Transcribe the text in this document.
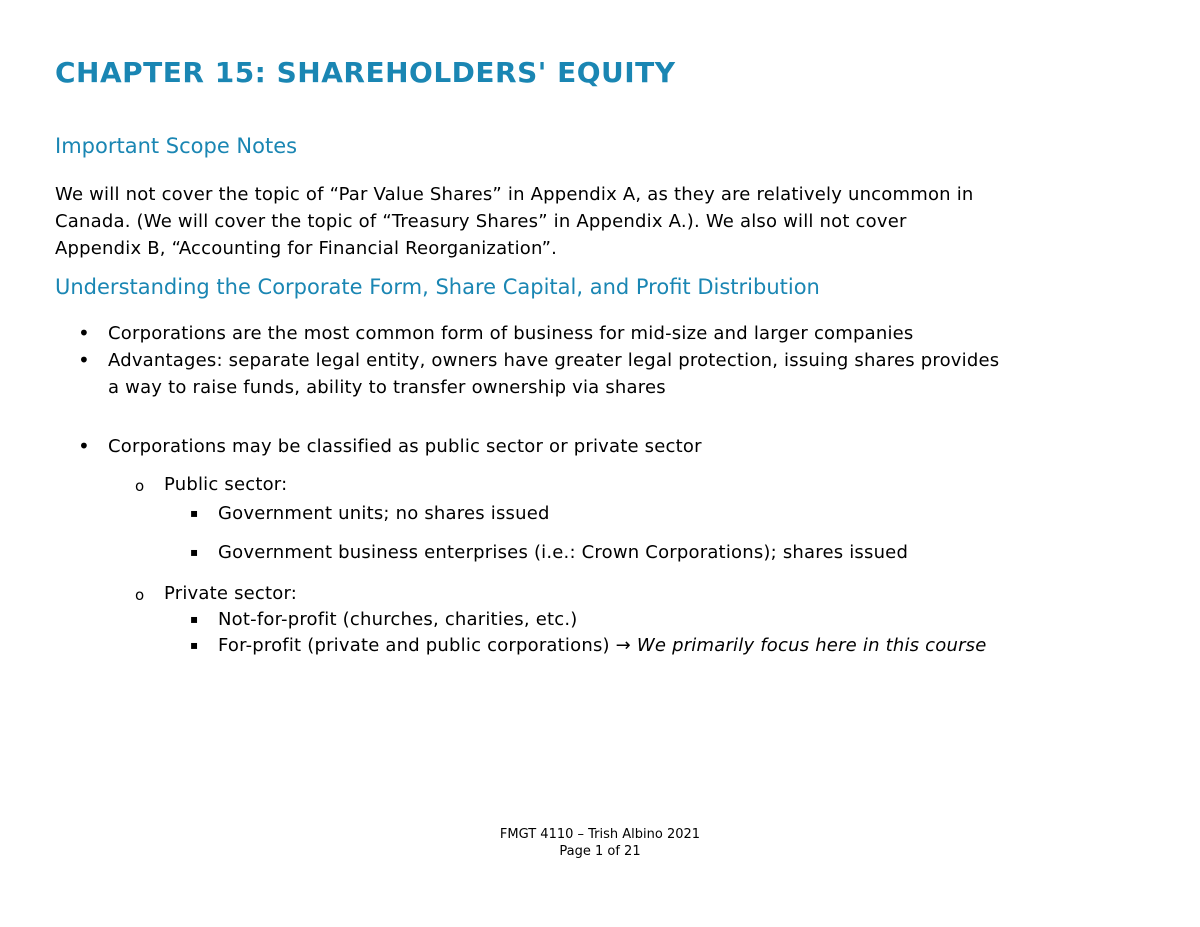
CHAPTER 15: SHAREHOLDERS' EQUITY
Important Scope Notes
We will not cover the topic of “Par Value Shares” in Appendix A, as they are relatively uncommon in
Canada. (We will cover the topic of “Treasury Shares” in Appendix A.). We also will not cover
Appendix B, “Accounting for Financial Reorganization”.
Understanding the Corporate Form, Share Capital, and Profit Distribution
• Corporations are the most common form of business for mid-size and larger companies
• Advantages: separate legal entity, owners have greater legal protection, issuing shares provides
a way to raise funds, ability to transfer ownership via shares
• Corporations may be classified as public sector or private sector
o Public sector:
▪ Government units; no shares issued
▪ Government business enterprises (i.e.: Crown Corporations); shares issued
o Private sector:
▪ Not-for-profit (churches, charities, etc.)
▪ For-profit (private and public corporations) → We primarily focus here in this course
FMGT 4110 – Trish Albino 2021
Page 1 of 21
